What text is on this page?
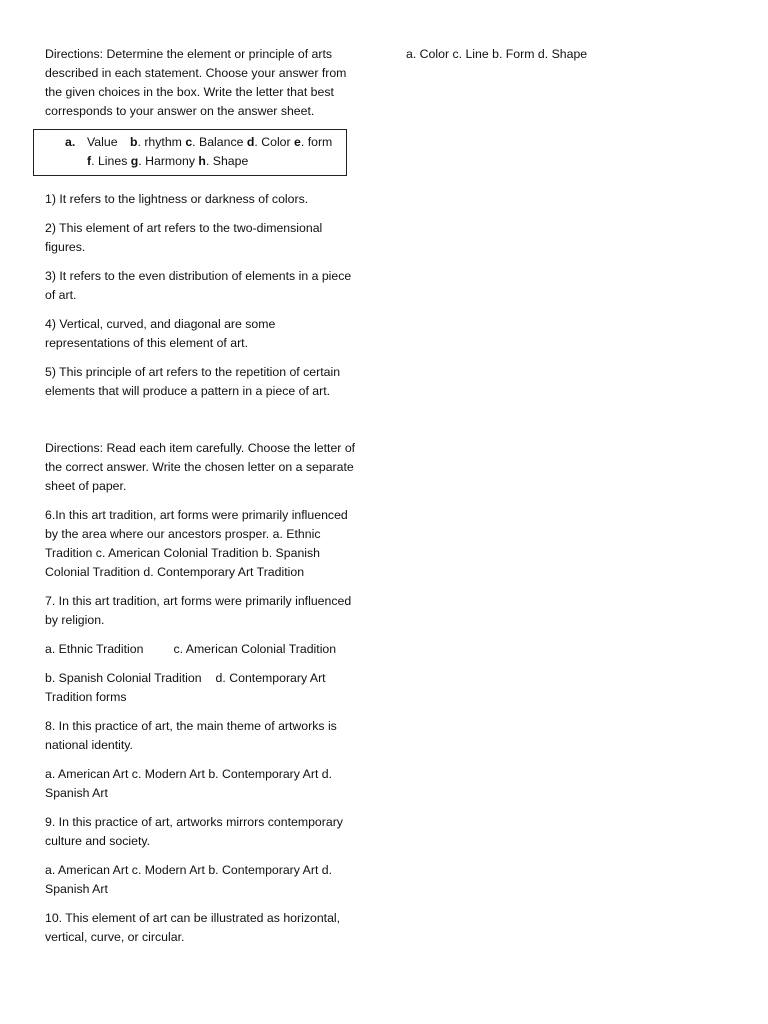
Directions: Determine the element or principle of arts described in each statement. Choose your answer from the given choices in the box. Write the letter that best corresponds to your answer on the answer sheet.

a. Value b. rhythm c. Balance d. Color e. form
f. Lines g. Harmony h. Shape

1) It refers to the lightness or darkness of colors.

2) This element of art refers to the two-dimensional figures.

3) It refers to the even distribution of elements in a piece of art.

4) Vertical, curved, and diagonal are some representations of this element of art.

5) This principle of art refers to the repetition of certain elements that will produce a pattern in a piece of art.

Directions: Read each item carefully. Choose the letter of the correct answer. Write the chosen letter on a separate sheet of paper.

6.In this art tradition, art forms were primarily influenced by the area where our ancestors prosper. a. Ethnic Tradition c. American Colonial Tradition b. Spanish Colonial Tradition d. Contemporary Art Tradition

7. In this art tradition, art forms were primarily influenced by religion.

a. Ethnic Tradition c. American Colonial Tradition

b. Spanish Colonial Tradition d. Contemporary Art Tradition forms

8. In this practice of art, the main theme of artworks is national identity.

a. American Art c. Modern Art b. Contemporary Art d. Spanish Art

9. In this practice of art, artworks mirrors contemporary culture and society.

a. American Art c. Modern Art b. Contemporary Art d. Spanish Art

10. This element of art can be illustrated as horizontal, vertical, curve, or circular.

a. Color c. Line b. Form d. Shape
